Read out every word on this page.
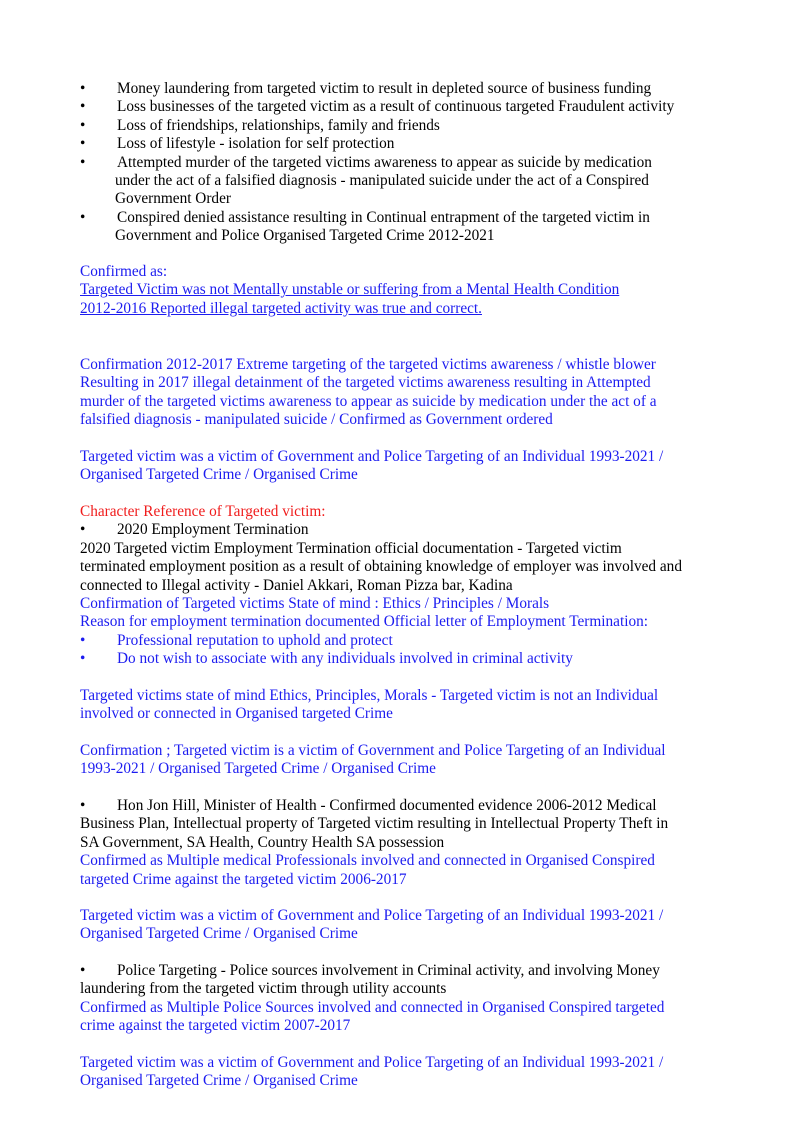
• Money laundering from targeted victim to result in depleted source of business funding
• Loss businesses of the targeted victim as a result of continuous targeted Fraudulent activity
• Loss of friendships, relationships, family and friends
• Loss of lifestyle - isolation for self protection
• Attempted murder of the targeted victims awareness to appear as suicide by medication
under the act of a falsified diagnosis - manipulated suicide under the act of a Conspired
Government Order
• Conspired denied assistance resulting in Continual entrapment of the targeted victim in
Government and Police Organised Targeted Crime 2012-2021
Confirmed as:
Targeted Victim was not Mentally unstable or suffering from a Mental Health Condition
2012-2016 Reported illegal targeted activity was true and correct.
Confirmation 2012-2017 Extreme targeting of the targeted victims awareness / whistle blower
Resulting in 2017 illegal detainment of the targeted victims awareness resulting in Attempted
murder of the targeted victims awareness to appear as suicide by medication under the act of a
falsified diagnosis - manipulated suicide / Confirmed as Government ordered
Targeted victim was a victim of Government and Police Targeting of an Individual 1993-2021 /
Organised Targeted Crime / Organised Crime
Character Reference of Targeted victim:
• 2020 Employment Termination
2020 Targeted victim Employment Termination official documentation - Targeted victim
terminated employment position as a result of obtaining knowledge of employer was involved and
connected to Illegal activity - Daniel Akkari, Roman Pizza bar, Kadina
Confirmation of Targeted victims State of mind : Ethics / Principles / Morals
Reason for employment termination documented Official letter of Employment Termination:
• Professional reputation to uphold and protect
• Do not wish to associate with any individuals involved in criminal activity
Targeted victims state of mind Ethics, Principles, Morals - Targeted victim is not an Individual
involved or connected in Organised targeted Crime
Confirmation ; Targeted victim is a victim of Government and Police Targeting of an Individual
1993-2021 / Organised Targeted Crime / Organised Crime
• Hon Jon Hill, Minister of Health - Confirmed documented evidence 2006-2012 Medical
Business Plan, Intellectual property of Targeted victim resulting in Intellectual Property Theft in
SA Government, SA Health, Country Health SA possession
Confirmed as Multiple medical Professionals involved and connected in Organised Conspired
targeted Crime against the targeted victim 2006-2017
Targeted victim was a victim of Government and Police Targeting of an Individual 1993-2021 /
Organised Targeted Crime / Organised Crime
• Police Targeting - Police sources involvement in Criminal activity, and involving Money
laundering from the targeted victim through utility accounts
Confirmed as Multiple Police Sources involved and connected in Organised Conspired targeted
crime against the targeted victim 2007-2017
Targeted victim was a victim of Government and Police Targeting of an Individual 1993-2021 /
Organised Targeted Crime / Organised Crime
